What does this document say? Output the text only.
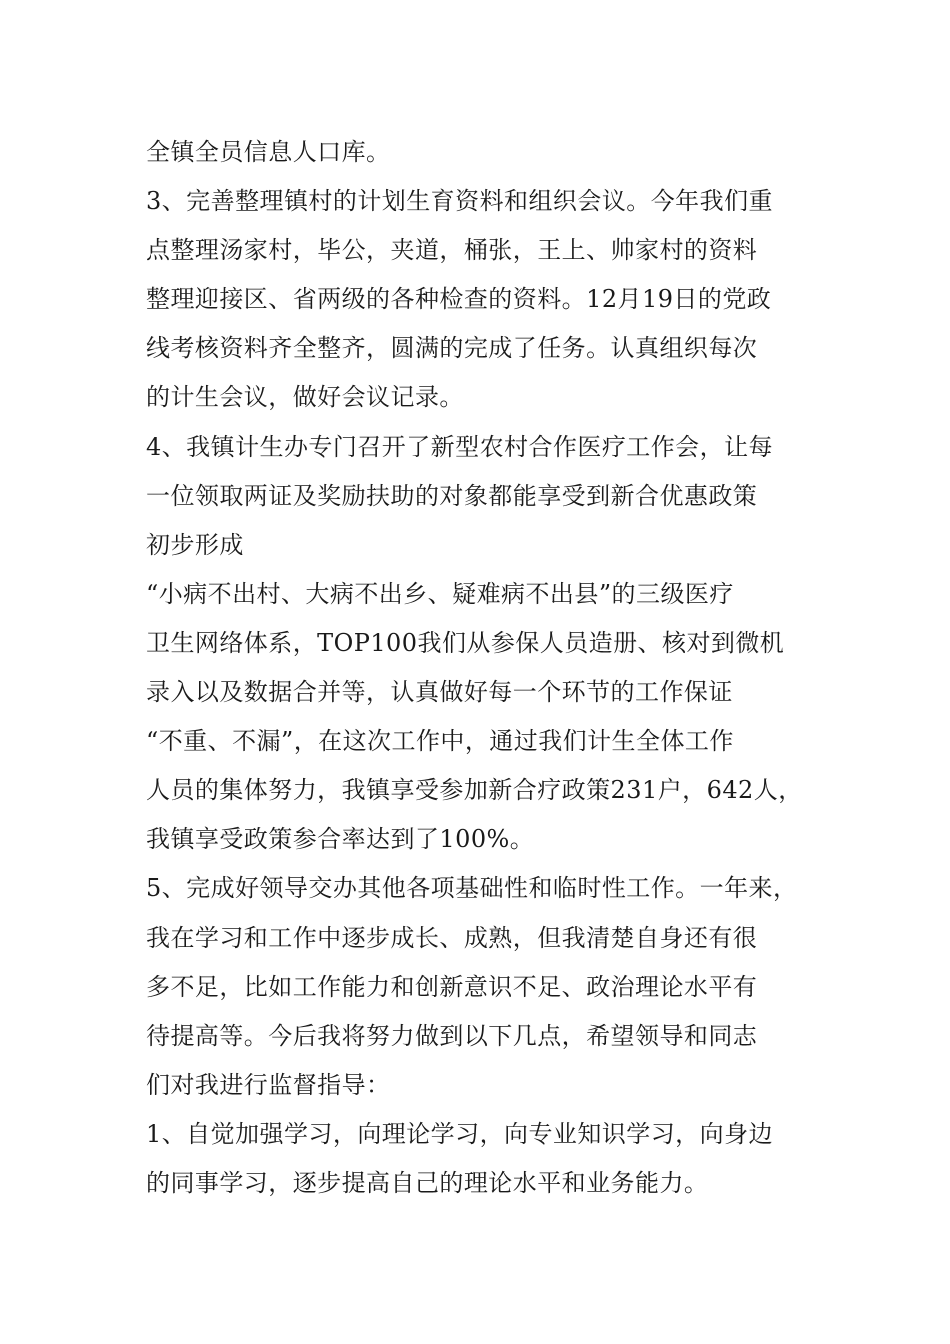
全镇全员信息人口库。
3、完善整理镇村的计划生育资料和组织会议。今年我们重
点整理汤家村，毕公，夹道，桶张，王上、帅家村的资料
整理迎接区、省两级的各种检查的资料。12月19日的党政
线考核资料齐全整齐，圆满的完成了任务。认真组织每次
的计生会议，做好会议记录。
4、我镇计生办专门召开了新型农村合作医疗工作会，让每
一位领取两证及奖励扶助的对象都能享受到新合优惠政策
初步形成
“小病不出村、大病不出乡、疑难病不出县”的三级医疗
卫生网络体系，TOP100我们从参保人员造册、核对到微机
录入以及数据合并等，认真做好每一个环节的工作保证
“不重、不漏”，在这次工作中，通过我们计生全体工作
人员的集体努力，我镇享受参加新合疗政策231户，642人，
我镇享受政策参合率达到了100%。
5、完成好领导交办其他各项基础性和临时性工作。一年来，
我在学习和工作中逐步成长、成熟，但我清楚自身还有很
多不足，比如工作能力和创新意识不足、政治理论水平有
待提高等。今后我将努力做到以下几点，希望领导和同志
们对我进行监督指导：
1、自觉加强学习，向理论学习，向专业知识学习，向身边
的同事学习，逐步提高自己的理论水平和业务能力。
